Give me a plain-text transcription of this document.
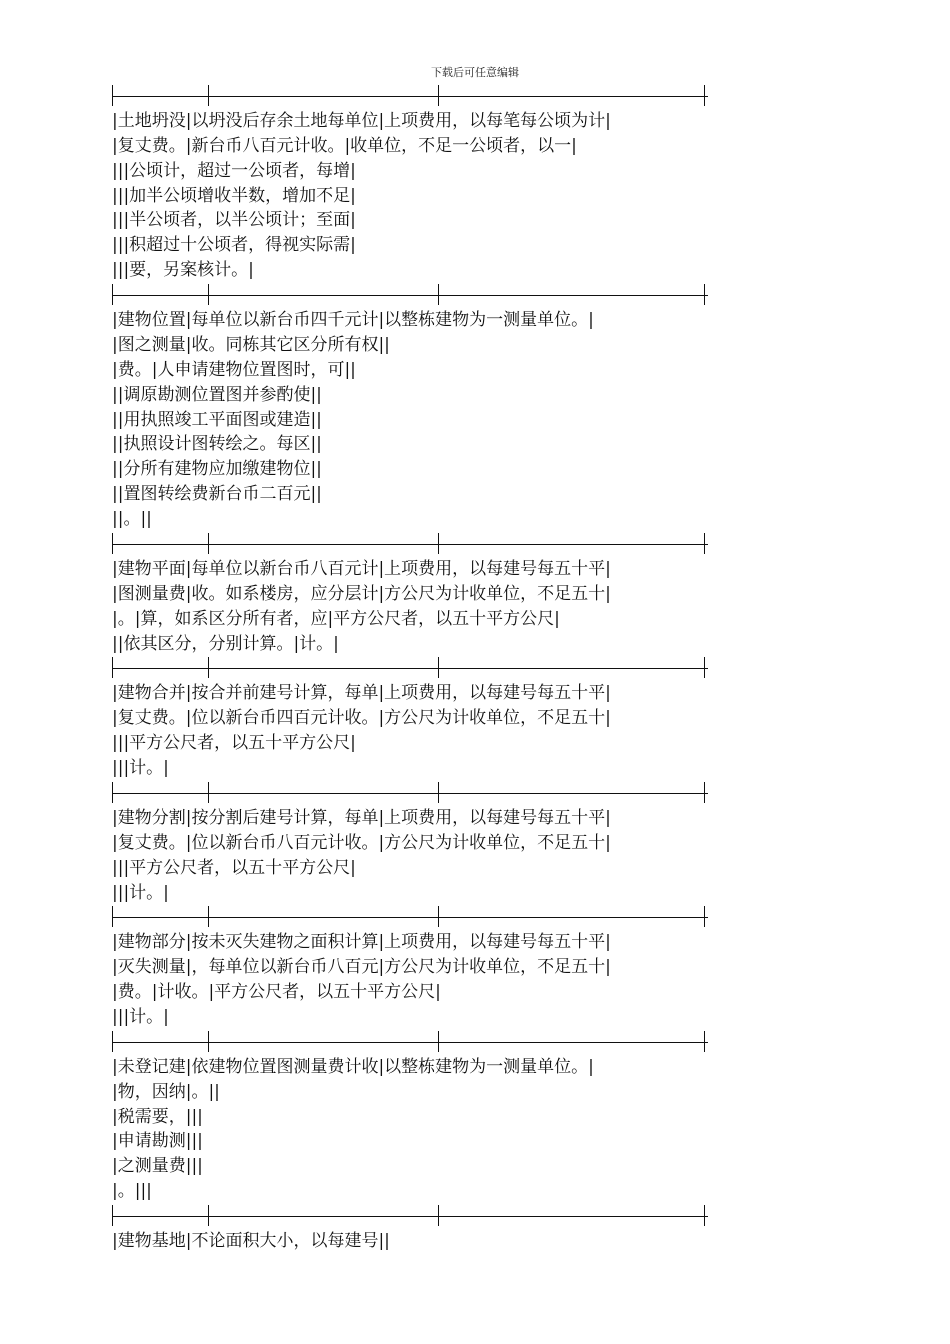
下载后可任意编辑
|土地坍没|以坍没后存余土地每单位|上项费用，以每笔每公顷为计|
|复丈费。|新台币八百元计收。|收单位，不足一公顷者，以一|
|||公顷计，超过一公顷者，每增|
|||加半公顷增收半数，增加不足|
|||半公顷者，以半公顷计；至面|
|||积超过十公顷者，得视实际需|
|||要，另案核计。|
|建物位置|每单位以新台币四千元计|以整栋建物为一测量单位。|
|图之测量|收。同栋其它区分所有权||
|费。|人申请建物位置图时，可||
||调原勘测位置图并参酌使||
||用执照竣工平面图或建造||
||执照设计图转绘之。每区||
||分所有建物应加缴建物位||
||置图转绘费新台币二百元||
||。||
|建物平面|每单位以新台币八百元计|上项费用，以每建号每五十平|
|图测量费|收。如系楼房，应分层计|方公尺为计收单位，不足五十|
|。|算，如系区分所有者，应|平方公尺者，以五十平方公尺|
||依其区分，分别计算。|计。|
|建物合并|按合并前建号计算，每单|上项费用，以每建号每五十平|
|复丈费。|位以新台币四百元计收。|方公尺为计收单位，不足五十|
|||平方公尺者，以五十平方公尺|
|||计。|
|建物分割|按分割后建号计算，每单|上项费用，以每建号每五十平|
|复丈费。|位以新台币八百元计收。|方公尺为计收单位，不足五十|
|||平方公尺者，以五十平方公尺|
|||计。|
|建物部分|按未灭失建物之面积计算|上项费用，以每建号每五十平|
|灭失测量|，每单位以新台币八百元|方公尺为计收单位，不足五十|
|费。|计收。|平方公尺者，以五十平方公尺|
|||计。|
|未登记建|依建物位置图测量费计收|以整栋建物为一测量单位。|
|物，因纳|。||
|税需要，|||
|申请勘测|||
|之测量费|||
|。|||
|建物基地|不论面积大小，以每建号||
